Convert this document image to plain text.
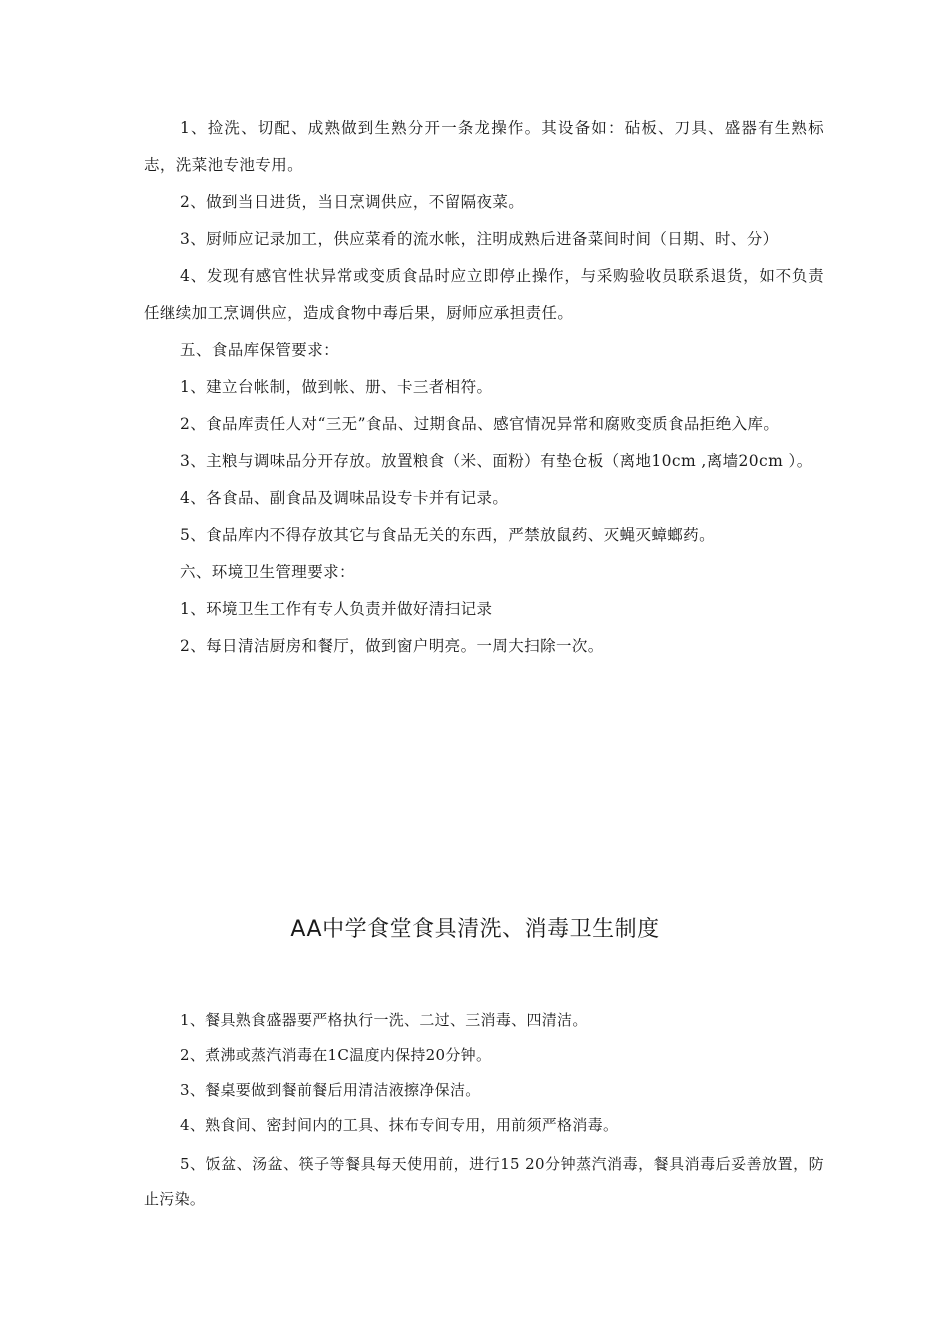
1、捡洗、切配、成熟做到生熟分开一条龙操作。其设备如：砧板、刀具、盛器有生熟标志，洗菜池专池专用。

2、做到当日进货，当日烹调供应，不留隔夜菜。

3、厨师应记录加工，供应菜肴的流水帐，注明成熟后进备菜间时间（日期、时、分）

4、发现有感官性状异常或变质食品时应立即停止操作，与采购验收员联系退货，如不负责任继续加工烹调供应，造成食物中毒后果，厨师应承担责任。

五、食品库保管要求：

1、建立台帐制，做到帐、册、卡三者相符。

2、食品库责任人对“三无”食品、过期食品、感官情况异常和腐败变质食品拒绝入库。

3、主粮与调味品分开存放。放置粮食（米、面粉）有垫仓板（离地10cm ,离墙20cm ）。

4、各食品、副食品及调味品设专卡并有记录。

5、食品库内不得存放其它与食品无关的东西，严禁放鼠药、灭蝇灭蟑螂药。

六、环境卫生管理要求：

1、环境卫生工作有专人负责并做好清扫记录

2、每日清洁厨房和餐厅，做到窗户明亮。一周大扫除一次。

AA中学食堂食具清洗、消毒卫生制度

1、餐具熟食盛器要严格执行一洗、二过、三消毒、四清洁。

2、煮沸或蒸汽消毒在1C温度内保持20分钟。

3、餐桌要做到餐前餐后用清洁液擦净保洁。

4、熟食间、密封间内的工具、抹布专间专用，用前须严格消毒。

5、饭盆、汤盆、筷子等餐具每天使用前，进行15 20分钟蒸汽消毒，餐具消毒后妥善放置，防止污染。
